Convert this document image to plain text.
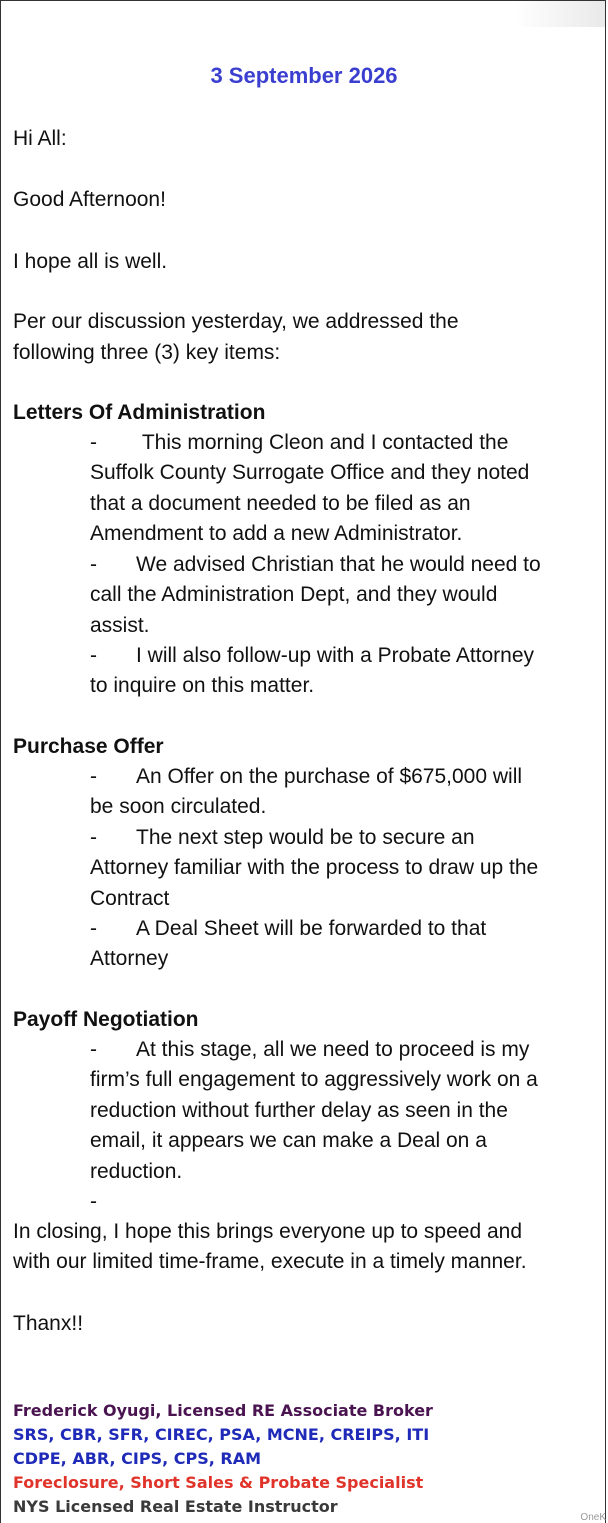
3 September 2026
Hi All:
Good Afternoon!
I hope all is well.
Per our discussion yesterday, we addressed the
following three (3) key items:
Letters Of Administration
- This morning Cleon and I contacted the
Suffolk County Surrogate Office and they noted
that a document needed to be filed as an
Amendment to add a new Administrator.
- We advised Christian that he would need to
call the Administration Dept, and they would
assist.
- I will also follow-up with a Probate Attorney
to inquire on this matter.
Purchase Offer
- An Offer on the purchase of $675,000 will
be soon circulated.
- The next step would be to secure an
Attorney familiar with the process to draw up the
Contract
- A Deal Sheet will be forwarded to that
Attorney
Payoff Negotiation
- At this stage, all we need to proceed is my
firm’s full engagement to aggressively work on a
reduction without further delay as seen in the
email, it appears we can make a Deal on a
reduction.
-
In closing, I hope this brings everyone up to speed and
with our limited time-frame, execute in a timely manner.
Thanx!!
Frederick Oyugi, Licensed RE Associate Broker
SRS, CBR, SFR, CIREC, PSA, MCNE, CREIPS, ITI
CDPE, ABR, CIPS, CPS, RAM
Foreclosure, Short Sales & Probate Specialist
NYS Licensed Real Estate Instructor
OneK
